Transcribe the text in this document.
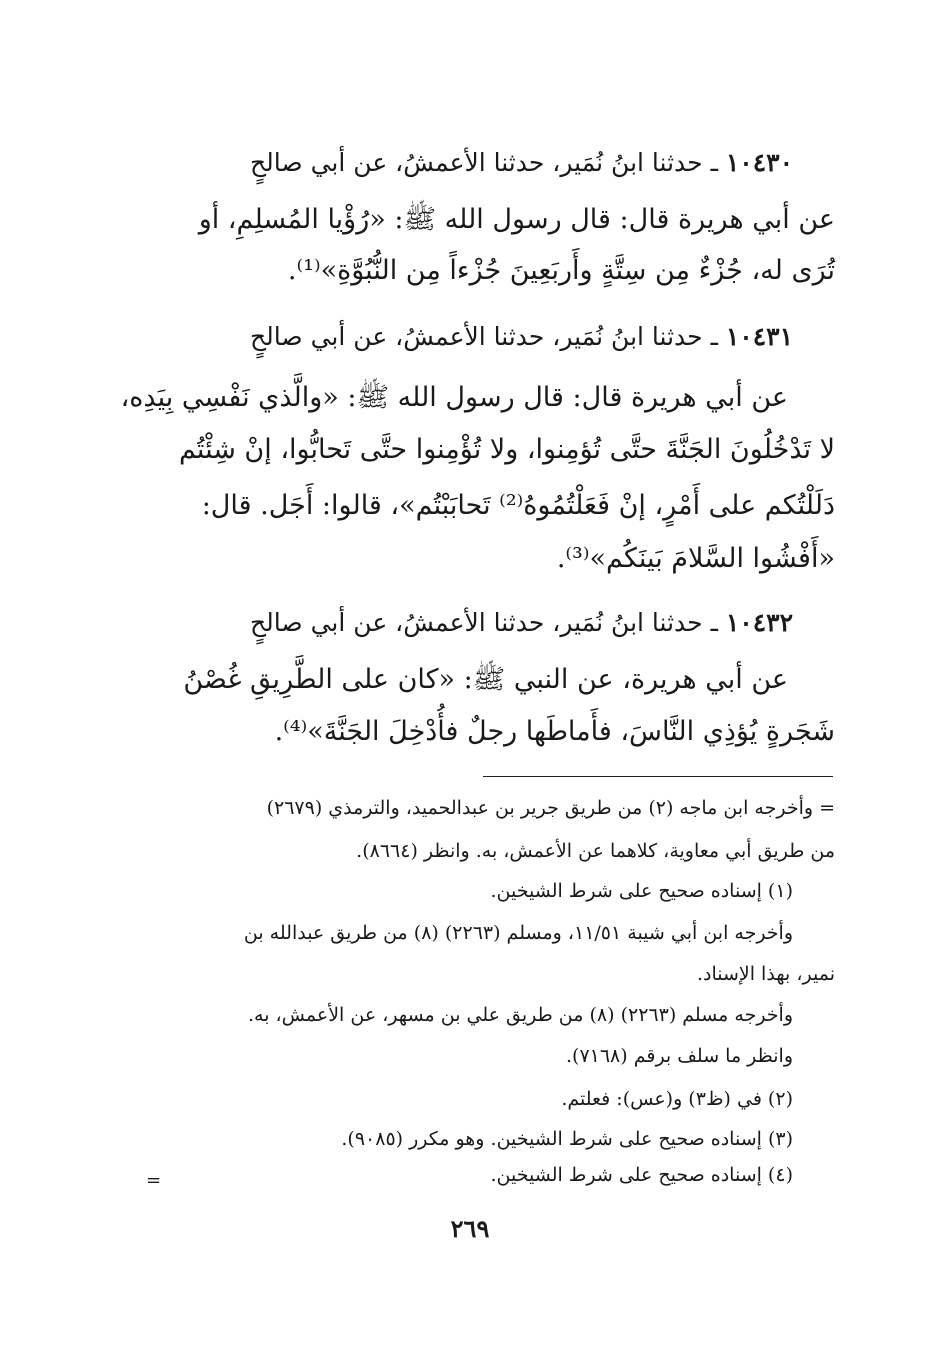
١٠٤٣٠ ـ حدثنا ابنُ نُمَير، حدثنا الأعمشُ، عن أبي صالحٍ
عن أبي هريرة قال: قال رسول الله ﷺ: «رُؤْيا المُسلِمِ، أو
تُرَى له، جُزْءٌ مِن سِتَّةٍ وأَربَعِينَ جُزْءاً مِن النُّبُوَّةِ»⁽¹⁾.
١٠٤٣١ ـ حدثنا ابنُ نُمَير، حدثنا الأعمشُ، عن أبي صالحٍ
عن أبي هريرة قال: قال رسول الله ﷺ: «والَّذي نَفْسِي بِيَدِه،
لا تَدْخُلُونَ الجَنَّةَ حتَّى تُؤمِنوا، ولا تُؤْمِنوا حتَّى تَحابُّوا، إنْ شِئْتُم
دَلَلْتُكم على أَمْرٍ، إنْ فَعَلْتُمُوهُ⁽²⁾ تَحابَبْتُم»، قالوا: أَجَل. قال:
«أَفْشُوا السَّلامَ بَينَكُم»⁽³⁾.
١٠٤٣٢ ـ حدثنا ابنُ نُمَير، حدثنا الأعمشُ، عن أبي صالحٍ
عن أبي هريرة، عن النبي ﷺ: «كان على الطَّرِيقِ غُصْنُ
شَجَرةٍ يُؤذِي النَّاسَ، فأَماطَها رجلٌ فأُدْخِلَ الجَنَّةَ»⁽⁴⁾.
= وأخرجه ابن ماجه (٢) من طريق جرير بن عبدالحميد، والترمذي (٢٦٧٩)
من طريق أبي معاوية، كلاهما عن الأعمش، به. وانظر (٨٦٦٤).
(١) إسناده صحيح على شرط الشيخين.
وأخرجه ابن أبي شيبة ١١/٥١، ومسلم (٢٢٦٣) (٨) من طريق عبدالله بن
نمير، بهذا الإسناد.
وأخرجه مسلم (٢٢٦٣) (٨) من طريق علي بن مسهر، عن الأعمش، به.
وانظر ما سلف برقم (٧١٦٨).
(٢) في (ظ٣) و(عس): فعلتم.
(٣) إسناده صحيح على شرط الشيخين. وهو مكرر (٩٠٨٥).
(٤) إسناده صحيح على شرط الشيخين.
=
٢٦٩
